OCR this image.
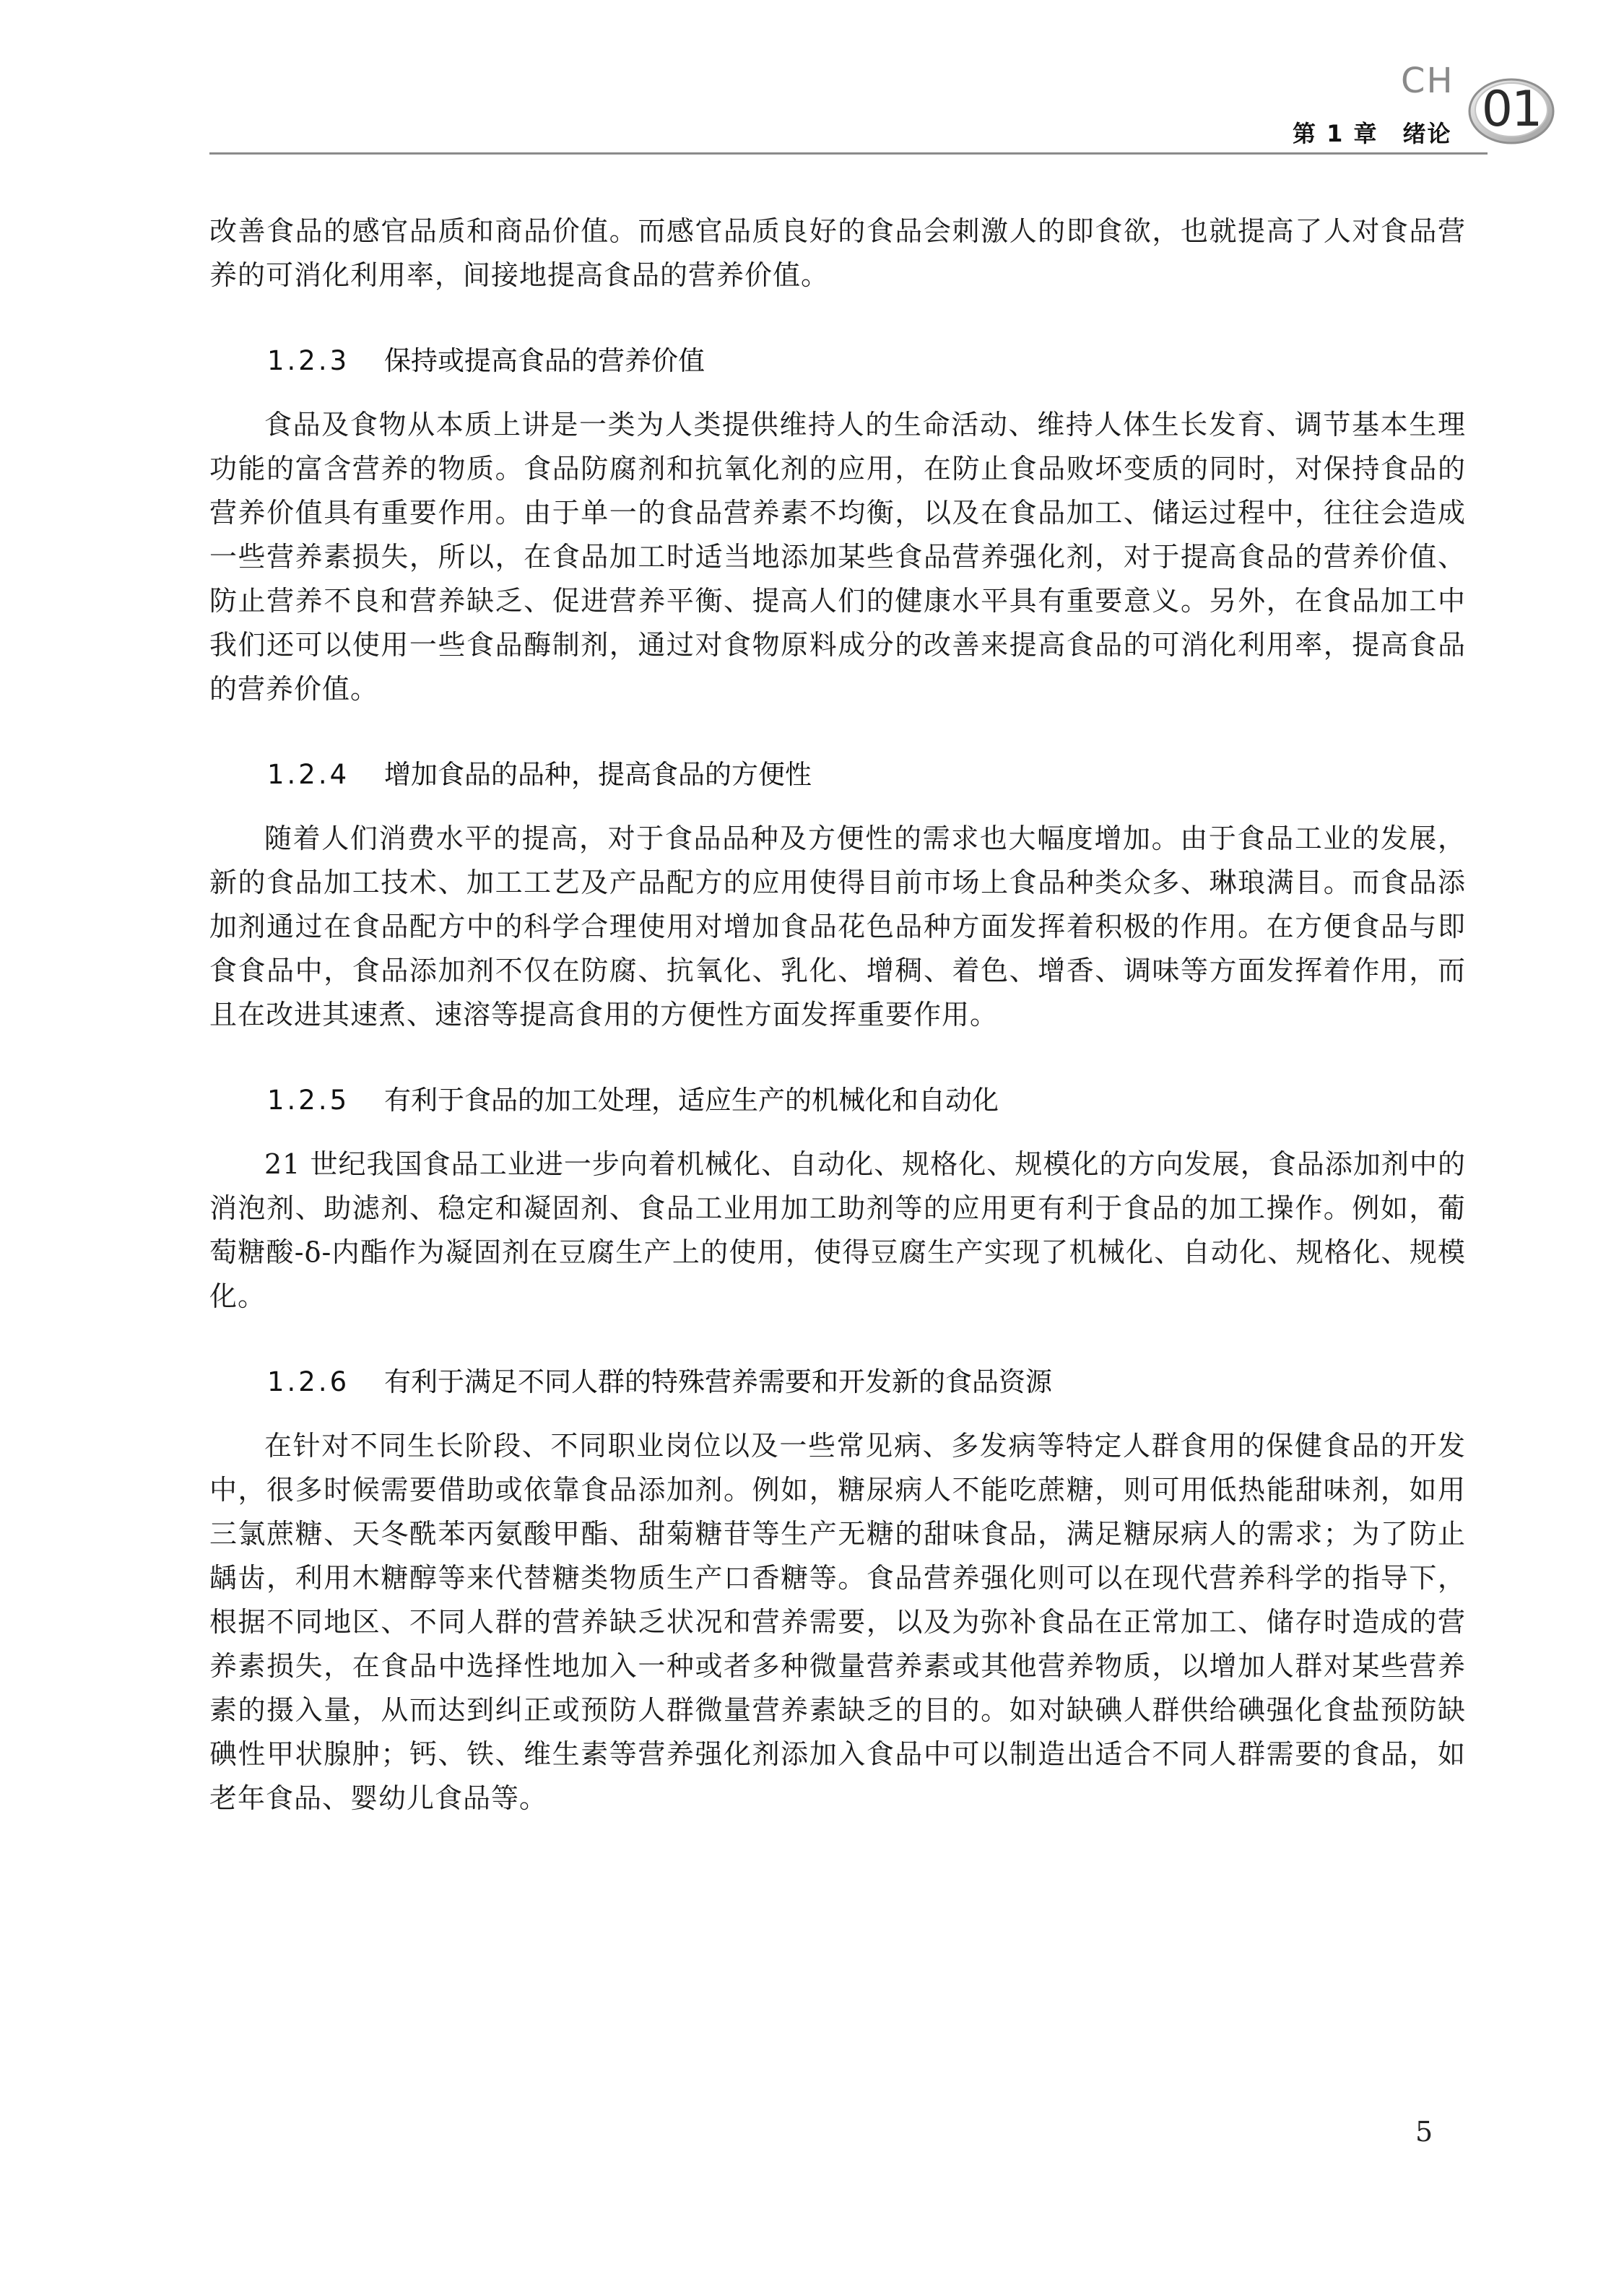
CH
第 1 章　绪论 01

改善食品的感官品质和商品价值。而感官品质良好的食品会刺激人的即食欲，也就提高了人对食品营养的可消化利用率，间接地提高食品的营养价值。

1.2.3 保持或提高食品的营养价值

食品及食物从本质上讲是一类为人类提供维持人的生命活动、维持人体生长发育、调节基本生理功能的富含营养的物质。食品防腐剂和抗氧化剂的应用，在防止食品败坏变质的同时，对保持食品的营养价值具有重要作用。由于单一的食品营养素不均衡，以及在食品加工、储运过程中，往往会造成一些营养素损失，所以，在食品加工时适当地添加某些食品营养强化剂，对于提高食品的营养价值、防止营养不良和营养缺乏、促进营养平衡、提高人们的健康水平具有重要意义。另外，在食品加工中我们还可以使用一些食品酶制剂，通过对食物原料成分的改善来提高食品的可消化利用率，提高食品的营养价值。

1.2.4 增加食品的品种，提高食品的方便性

随着人们消费水平的提高，对于食品品种及方便性的需求也大幅度增加。由于食品工业的发展，新的食品加工技术、加工工艺及产品配方的应用使得目前市场上食品种类众多、琳琅满目。而食品添加剂通过在食品配方中的科学合理使用对增加食品花色品种方面发挥着积极的作用。在方便食品与即食食品中，食品添加剂不仅在防腐、抗氧化、乳化、增稠、着色、增香、调味等方面发挥着作用，而且在改进其速煮、速溶等提高食用的方便性方面发挥重要作用。

1.2.5 有利于食品的加工处理，适应生产的机械化和自动化

21 世纪我国食品工业进一步向着机械化、自动化、规格化、规模化的方向发展，食品添加剂中的消泡剂、助滤剂、稳定和凝固剂、食品工业用加工助剂等的应用更有利于食品的加工操作。例如，葡萄糖酸-δ-内酯作为凝固剂在豆腐生产上的使用，使得豆腐生产实现了机械化、自动化、规格化、规模化。

1.2.6 有利于满足不同人群的特殊营养需要和开发新的食品资源

在针对不同生长阶段、不同职业岗位以及一些常见病、多发病等特定人群食用的保健食品的开发中，很多时候需要借助或依靠食品添加剂。例如，糖尿病人不能吃蔗糖，则可用低热能甜味剂，如用三氯蔗糖、天冬酰苯丙氨酸甲酯、甜菊糖苷等生产无糖的甜味食品，满足糖尿病人的需求；为了防止龋齿，利用木糖醇等来代替糖类物质生产口香糖等。食品营养强化则可以在现代营养科学的指导下，根据不同地区、不同人群的营养缺乏状况和营养需要，以及为弥补食品在正常加工、储存时造成的营养素损失，在食品中选择性地加入一种或者多种微量营养素或其他营养物质，以增加人群对某些营养素的摄入量，从而达到纠正或预防人群微量营养素缺乏的目的。如对缺碘人群供给碘强化食盐预防缺碘性甲状腺肿；钙、铁、维生素等营养强化剂添加入食品中可以制造出适合不同人群需要的食品，如老年食品、婴幼儿食品等。

5
